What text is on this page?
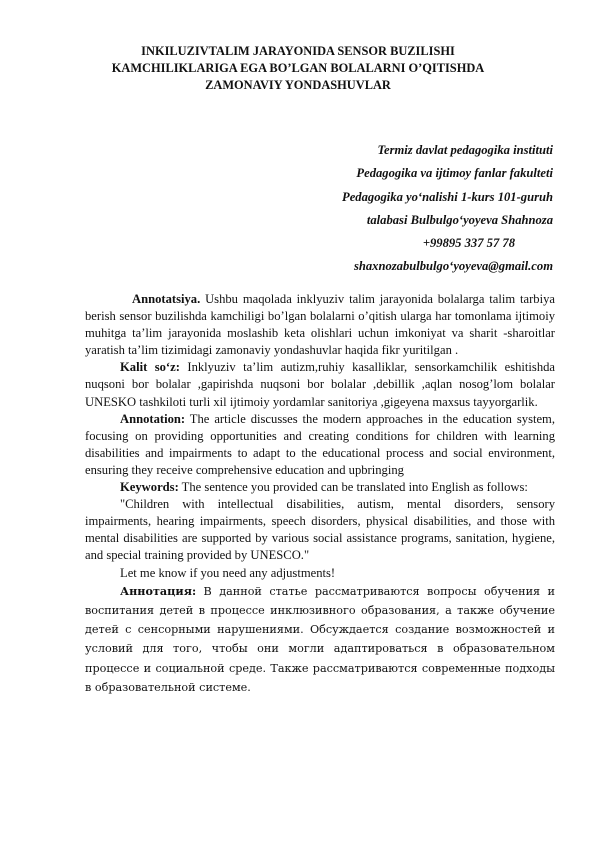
INKILUZIVTALIM JARAYONIDA SENSOR BUZILISHI
KAMCHILIKLARIGA EGA BO’LGAN BOLALARNI O’QITISHDA
ZAMONAVIY YONDASHUVLAR
Termiz davlat pedagogika instituti
Pedagogika va ijtimoy fanlar fakulteti
Pedagogika yo‘nalishi 1-kurs 101-guruh
talabasi Bulbulgo‘yoyeva Shahnoza
+99895 337 57 78
shaxnozabulbulgo‘yoyeva@gmail.com

Annotatsiya. Ushbu maqolada inklyuziv talim jarayonida bolalarga talim tarbiya berish sensor buzilishda kamchiligi bo’lgan bolalarni o’qitish ularga har tomonlama ijtimoiy muhitga ta’lim jarayonida moslashib keta olishlari uchun imkoniyat va sharit -sharoitlar yaratish ta’lim tizimidagi zamonaviy yondashuvlar haqida fikr yuritilgan .

Kalit so‘z: Inklyuziv ta’lim autizm,ruhiy kasalliklar, sensorkamchilik eshitishda nuqsoni bor bolalar ,gapirishda nuqsoni bor bolalar ,debillik ,aqlan nosog’lom bolalar UNESKO tashkiloti turli xil ijtimoiy yordamlar sanitoriya ,gigeyena maxsus tayyorgarlik.

Annotation: The article discusses the modern approaches in the education system, focusing on providing opportunities and creating conditions for children with learning disabilities and impairments to adapt to the educational process and social environment, ensuring they receive comprehensive education and upbringing

Keywords: The sentence you provided can be translated into English as follows:

"Children with intellectual disabilities, autism, mental disorders, sensory impairments, hearing impairments, speech disorders, physical disabilities, and those with mental disabilities are supported by various social assistance programs, sanitation, hygiene, and special training provided by UNESCO."

Let me know if you need any adjustments!

Аннотация: В данной статье рассматриваются вопросы обучения и воспитания детей в процессе инклюзивного образования, а также обучение детей с сенсорными нарушениями. Обсуждается создание возможностей и условий для того, чтобы они могли адаптироваться в образовательном процессе и социальной среде. Также рассматриваются современные подходы в образовательной системе.
